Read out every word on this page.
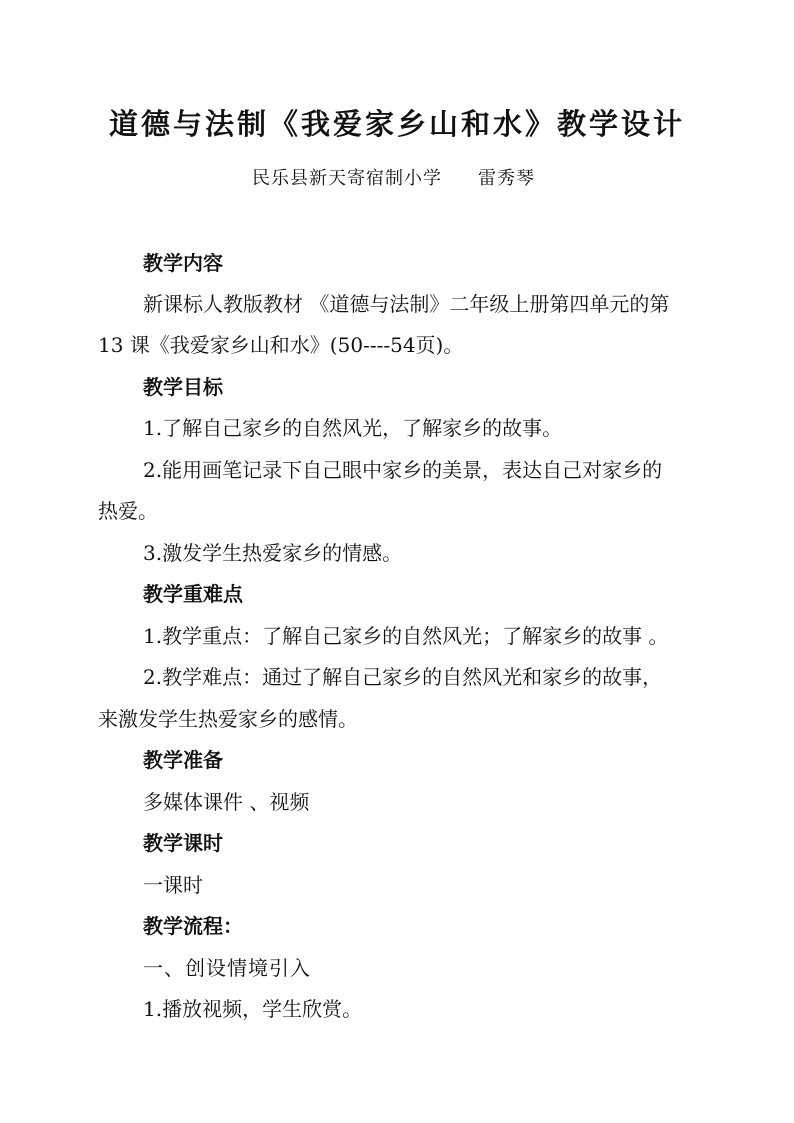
道德与法制《我爱家乡山和水》教学设计
民乐县新天寄宿制小学 雷秀琴
教学内容
新课标人教版教材 《道德与法制》二年级上册第四单元的第
13 课《我爱家乡山和水》(50----54页)。
教学目标
1.了解自己家乡的自然风光，了解家乡的故事。
2.能用画笔记录下自己眼中家乡的美景，表达自己对家乡的
热爱。
3.激发学生热爱家乡的情感。
教学重难点
1.教学重点：了解自己家乡的自然风光；了解家乡的故事 。
2.教学难点：通过了解自己家乡的自然风光和家乡的故事，
来激发学生热爱家乡的感情。
教学准备
多媒体课件 、视频
教学课时
一课时
教学流程：
一、创设情境引入
1.播放视频，学生欣赏。
